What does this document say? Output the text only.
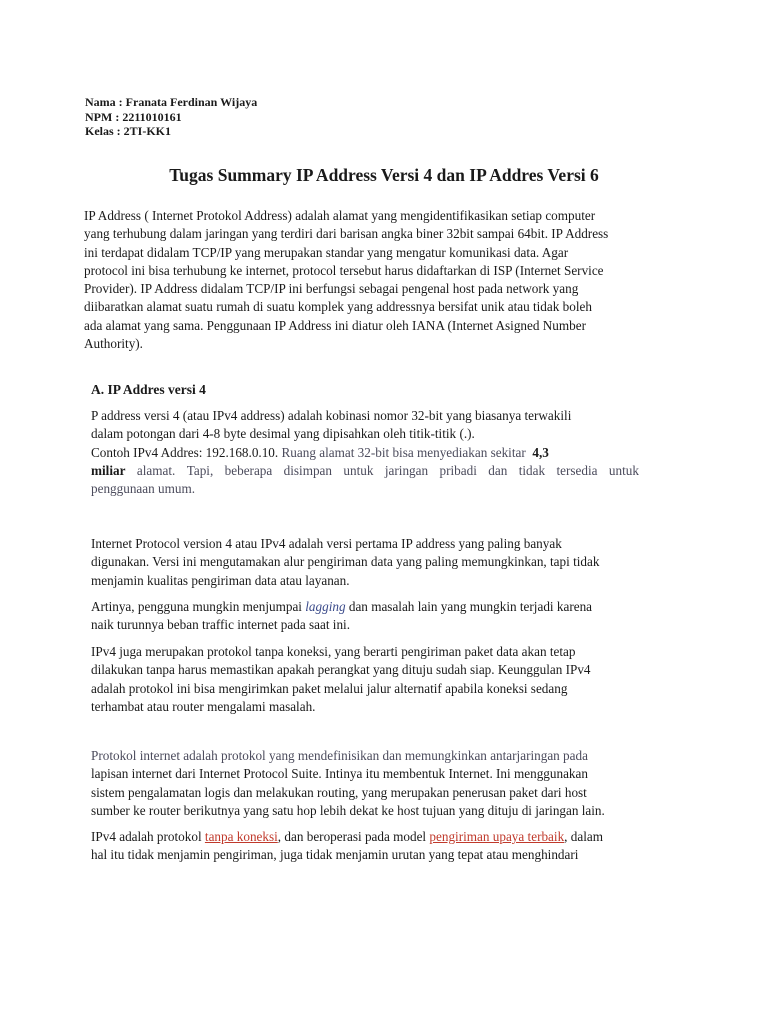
Nama : Franata Ferdinan Wijaya
NPM : 2211010161
Kelas : 2TI-KK1
Tugas Summary IP Address Versi 4 dan IP Addres Versi 6

IP Address ( Internet Protokol Address) adalah alamat yang mengidentifikasikan setiap computer
yang terhubung dalam jaringan yang terdiri dari barisan angka biner 32bit sampai 64bit. IP Address
ini terdapat didalam TCP/IP yang merupakan standar yang mengatur komunikasi data. Agar
protocol ini bisa terhubung ke internet, protocol tersebut harus didaftarkan di ISP (Internet Service
Provider). IP Address didalam TCP/IP ini berfungsi sebagai pengenal host pada network yang
diibaratkan alamat suatu rumah di suatu komplek yang addressnya bersifat unik atau tidak boleh
ada alamat yang sama. Penggunaan IP Address ini diatur oleh IANA (Internet Asigned Number
Authority).

A. IP Addres versi 4

P address versi 4 (atau IPv4 address) adalah kobinasi nomor 32-bit yang biasanya terwakili
dalam potongan dari 4-8 byte desimal yang dipisahkan oleh titik-titik (.).
Contoh IPv4 Addres: 192.168.0.10. Ruang alamat 32-bit bisa menyediakan sekitar 4,3
miliar alamat. Tapi, beberapa disimpan untuk jaringan pribadi dan tidak tersedia untuk
penggunaan umum.

Internet Protocol version 4 atau IPv4 adalah versi pertama IP address yang paling banyak
digunakan. Versi ini mengutamakan alur pengiriman data yang paling memungkinkan, tapi tidak
menjamin kualitas pengiriman data atau layanan.

Artinya, pengguna mungkin menjumpai lagging dan masalah lain yang mungkin terjadi karena
naik turunnya beban traffic internet pada saat ini.

IPv4 juga merupakan protokol tanpa koneksi, yang berarti pengiriman paket data akan tetap
dilakukan tanpa harus memastikan apakah perangkat yang dituju sudah siap. Keunggulan IPv4
adalah protokol ini bisa mengirimkan paket melalui jalur alternatif apabila koneksi sedang
terhambat atau router mengalami masalah.

Protokol internet adalah protokol yang mendefinisikan dan memungkinkan antarjaringan pada
lapisan internet dari Internet Protocol Suite. Intinya itu membentuk Internet. Ini menggunakan
sistem pengalamatan logis dan melakukan routing, yang merupakan penerusan paket dari host
sumber ke router berikutnya yang satu hop lebih dekat ke host tujuan yang dituju di jaringan lain.

IPv4 adalah protokol tanpa koneksi, dan beroperasi pada model pengiriman upaya terbaik, dalam
hal itu tidak menjamin pengiriman, juga tidak menjamin urutan yang tepat atau menghindari
